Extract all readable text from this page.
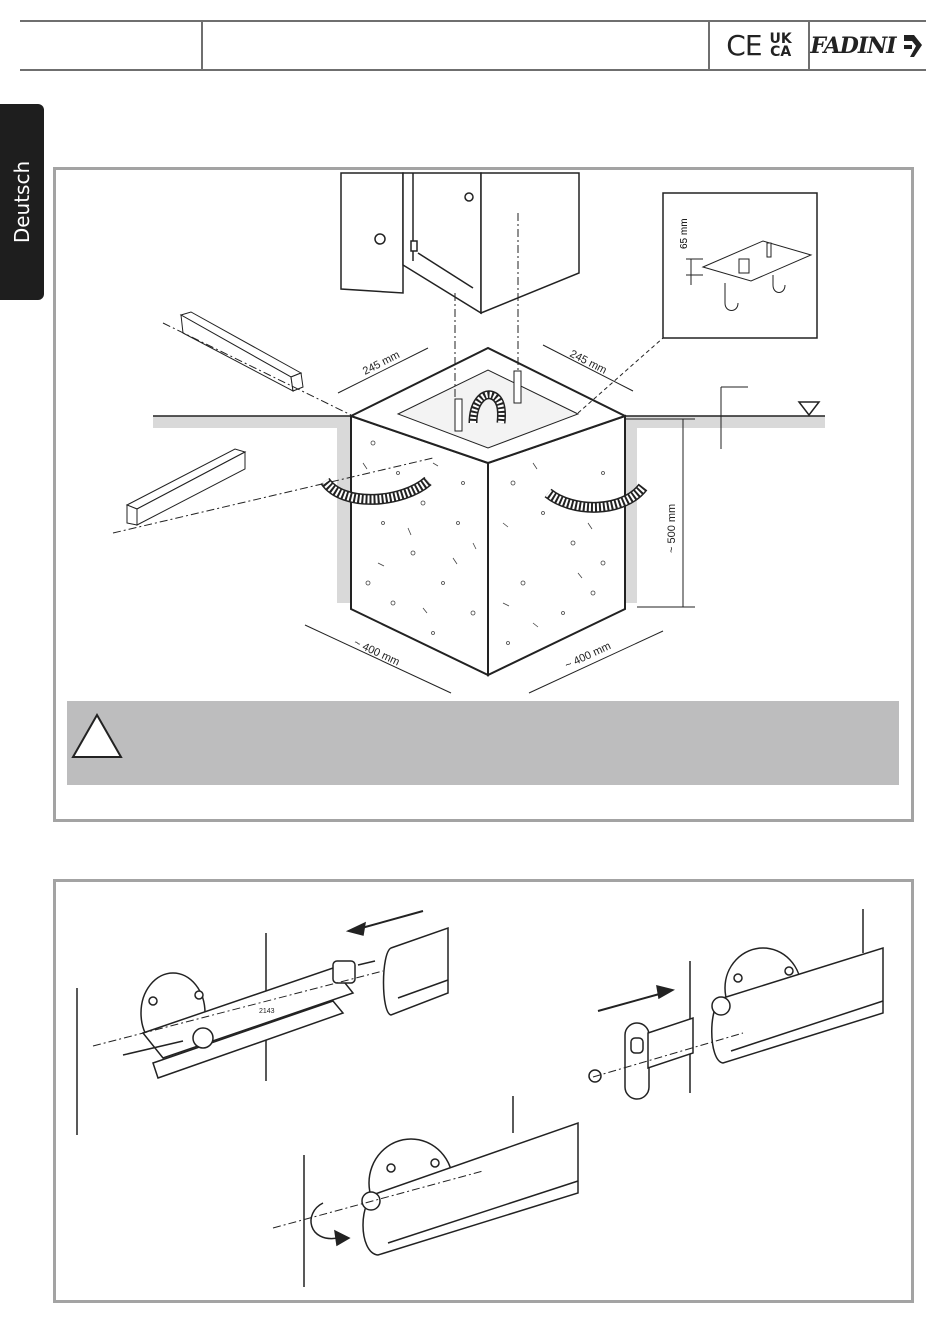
CE UK
CA FADINI
Deutsch
245 mm	245 mm
~ 500 mm
~ 400 mm	~ 400 mm
65 mm
2143
